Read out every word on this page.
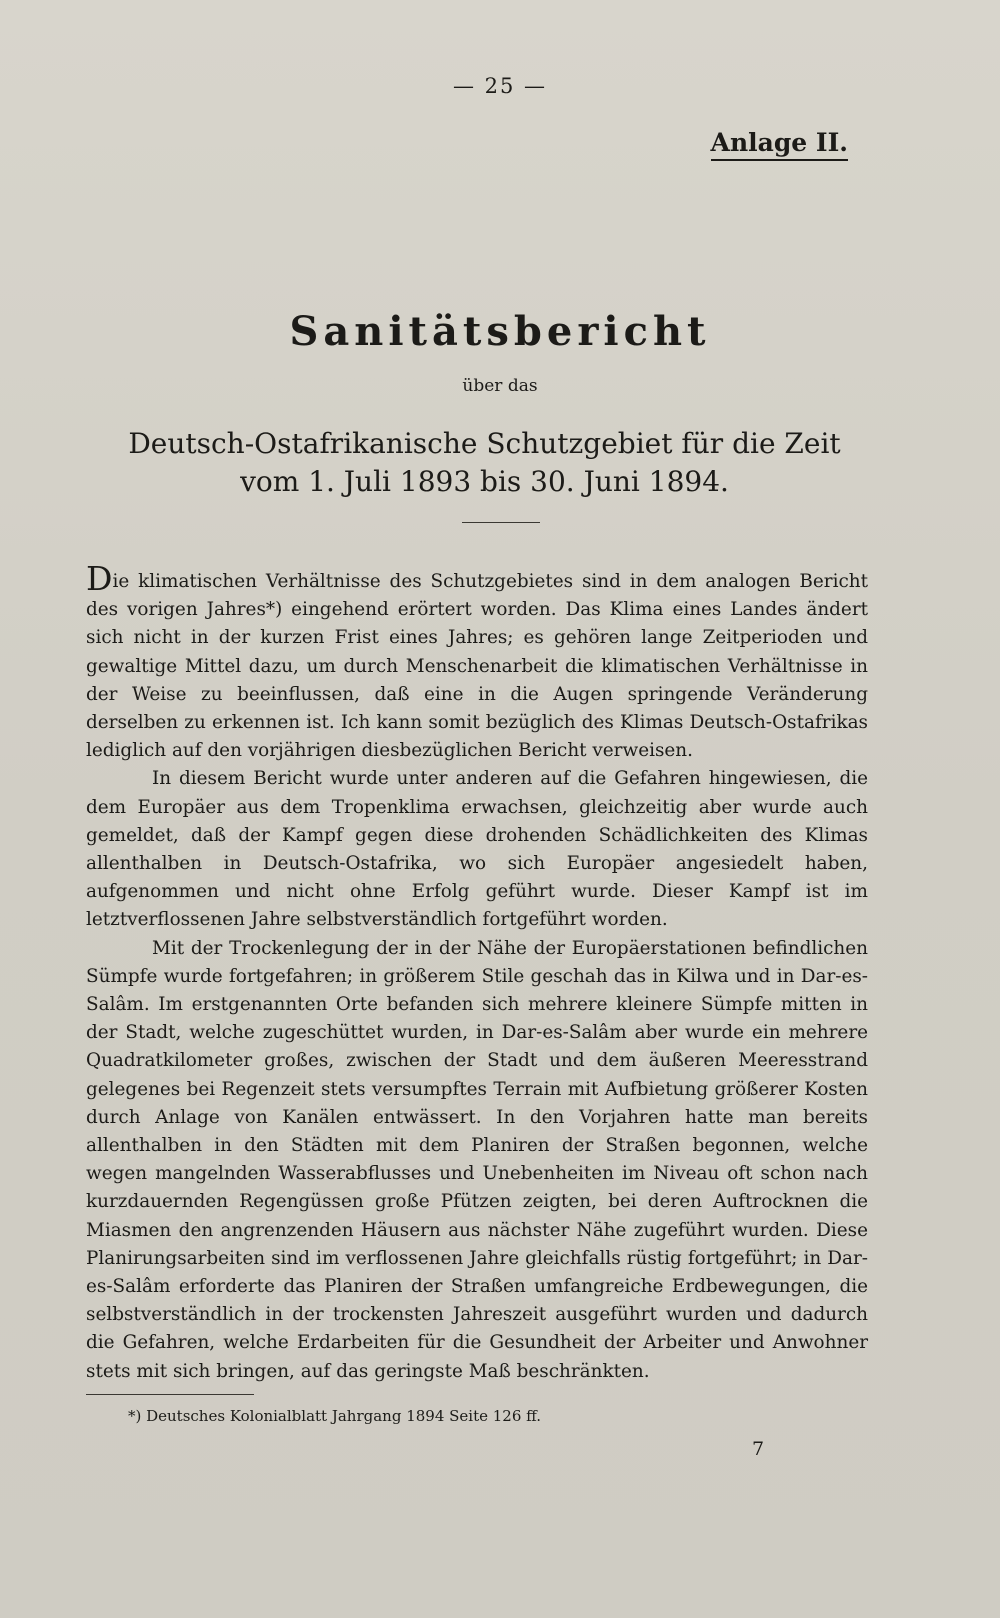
— 25 —
Anlage II.
Sanitätsbericht
über das
Deutsch-Ostafrikanische Schutzgebiet für die Zeit vom 1. Juli 1893 bis 30. Juni 1894.

Die klimatischen Verhältnisse des Schutzgebietes sind in dem analogen Bericht des vorigen Jahres*) eingehend erörtert worden. Das Klima eines Landes ändert sich nicht in der kurzen Frist eines Jahres; es gehören lange Zeitperioden und gewaltige Mittel dazu, um durch Menschenarbeit die klimatischen Verhältnisse in der Weise zu beeinflussen, daß eine in die Augen springende Veränderung derselben zu erkennen ist. Ich kann somit bezüglich des Klimas Deutsch-Ostafrikas lediglich auf den vorjährigen diesbezüglichen Bericht verweisen.

In diesem Bericht wurde unter anderen auf die Gefahren hingewiesen, die dem Europäer aus dem Tropenklima erwachsen, gleichzeitig aber wurde auch gemeldet, daß der Kampf gegen diese drohenden Schädlichkeiten des Klimas allenthalben in Deutsch-Ostafrika, wo sich Europäer angesiedelt haben, aufgenommen und nicht ohne Erfolg geführt wurde. Dieser Kampf ist im letztverflossenen Jahre selbstverständlich fortgeführt worden.

Mit der Trockenlegung der in der Nähe der Europäerstationen befindlichen Sümpfe wurde fortgefahren; in größerem Stile geschah das in Kilwa und in Dar-es-Salâm. Im erstgenannten Orte befanden sich mehrere kleinere Sümpfe mitten in der Stadt, welche zugeschüttet wurden, in Dar-es-Salâm aber wurde ein mehrere Quadratkilometer großes, zwischen der Stadt und dem äußeren Meeresstrand gelegenes bei Regenzeit stets versumpftes Terrain mit Aufbietung größerer Kosten durch Anlage von Kanälen entwässert. In den Vorjahren hatte man bereits allenthalben in den Städten mit dem Planiren der Straßen begonnen, welche wegen mangelnden Wasserabflusses und Unebenheiten im Niveau oft schon nach kurzdauernden Regengüssen große Pfützen zeigten, bei deren Auftrocknen die Miasmen den angrenzenden Häusern aus nächster Nähe zugeführt wurden. Diese Planirungsarbeiten sind im verflossenen Jahre gleichfalls rüstig fortgeführt; in Dar-es-Salâm erforderte das Planiren der Straßen umfangreiche Erdbewegungen, die selbstverständlich in der trockensten Jahreszeit ausgeführt wurden und dadurch die Gefahren, welche Erdarbeiten für die Gesundheit der Arbeiter und Anwohner stets mit sich bringen, auf das geringste Maß beschränkten.

*) Deutsches Kolonialblatt Jahrgang 1894 Seite 126 ff.
7
